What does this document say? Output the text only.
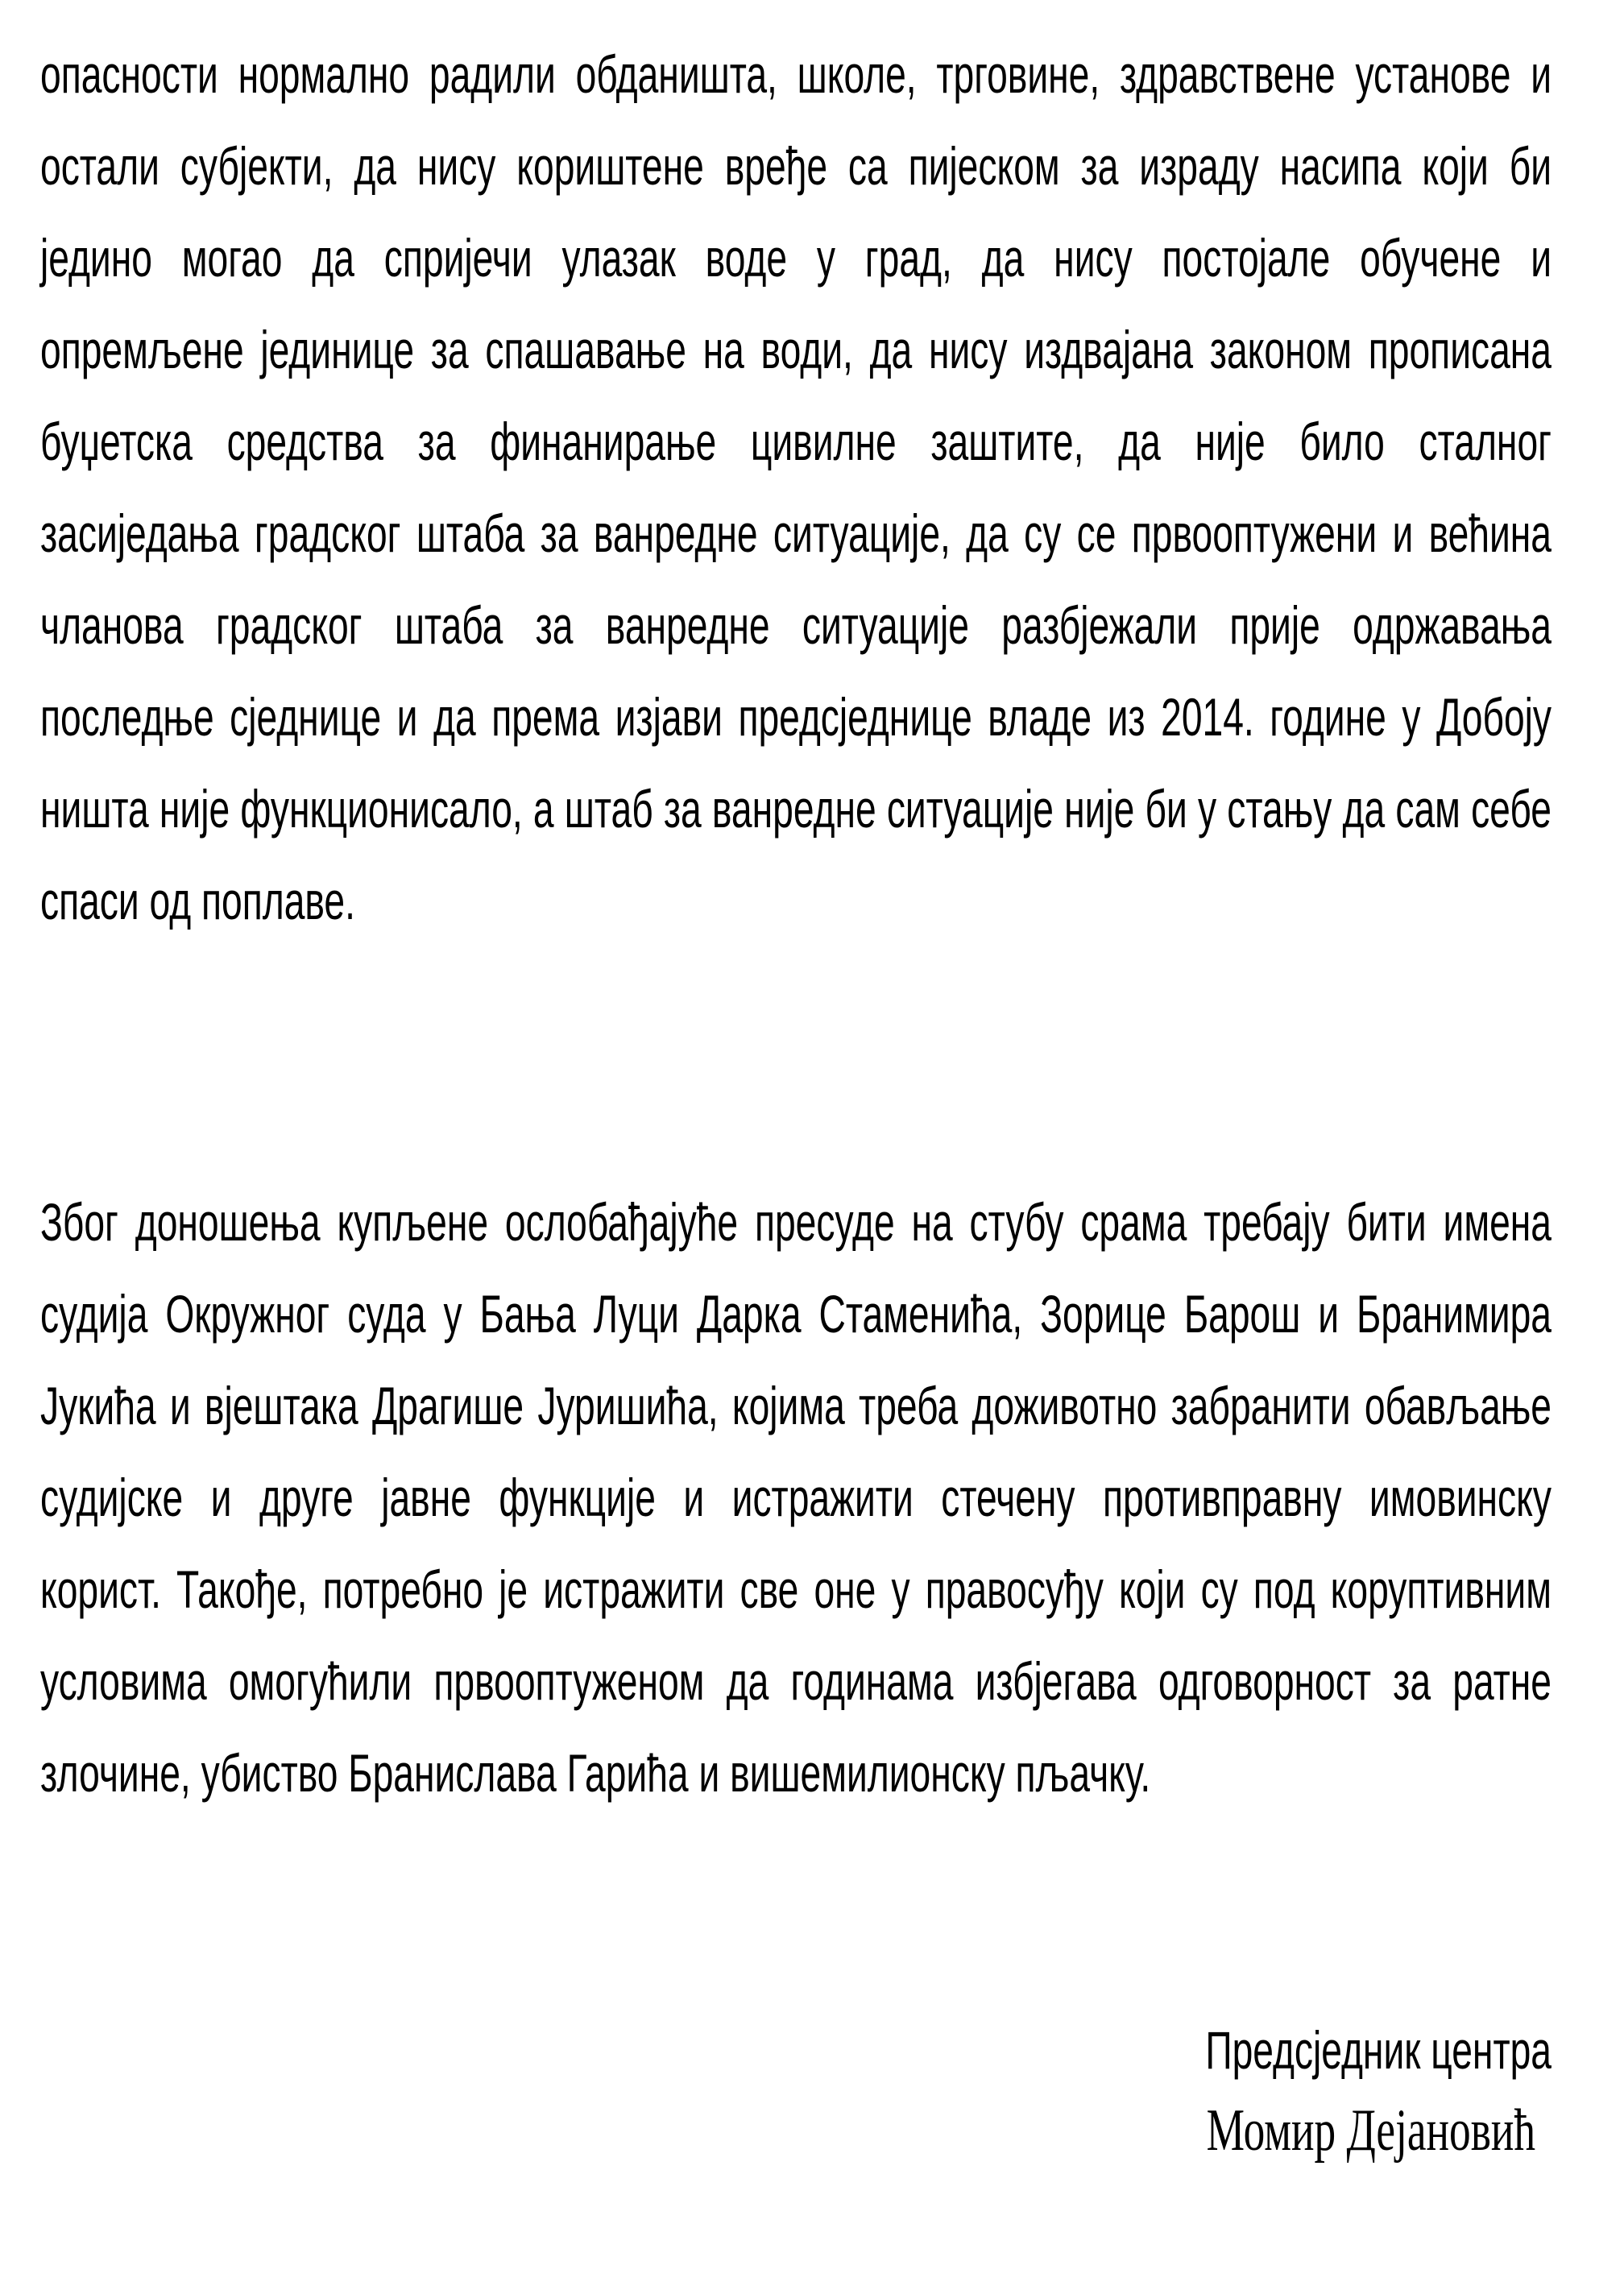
опасности нормално радили обданишта, школе, трговине, здравствене установе и
остали субјекти, да нису кориштене вређе са пијеском за израду насипа који би
једино могао да спријечи улазак воде у град, да нису постојале обучене и
опремљене јединице за спашавање на води, да нису издвајана законом прописана
буџетска средства за финанирање цивилне заштите, да није било сталног
засиједања градског штаба за ванредне ситуације, да су се првооптужени и већина
чланова градског штаба за ванредне ситуације разбјежали прије одржавања
последње сједнице и да према изјави предсједнице владе из 2014. године у Добоју
ништа није функционисало, а штаб за ванредне ситуације није би у стању да сам себе
спаси од поплаве.
Због доношења купљене ослобађајуће пресуде на стубу срама требају бити имена
судија Окружног суда у Бања Луци Дарка Стаменића, Зорице Барош и Бранимира
Јукића и вјештака Драгише Јуришића, којима треба доживотно забранити обављање
судијске и друге јавне функције и истражити стечену противправну имовинску
корист. Такође, потребно је истражити све оне у правосуђу који су под коруптивним
условима омогућили првооптуженом да годинама избјегава одговорност за ратне
злочине, убиство Бранислава Гарића и вишемилионску пљачку.
Предсједник центра
Момир Дејановић
